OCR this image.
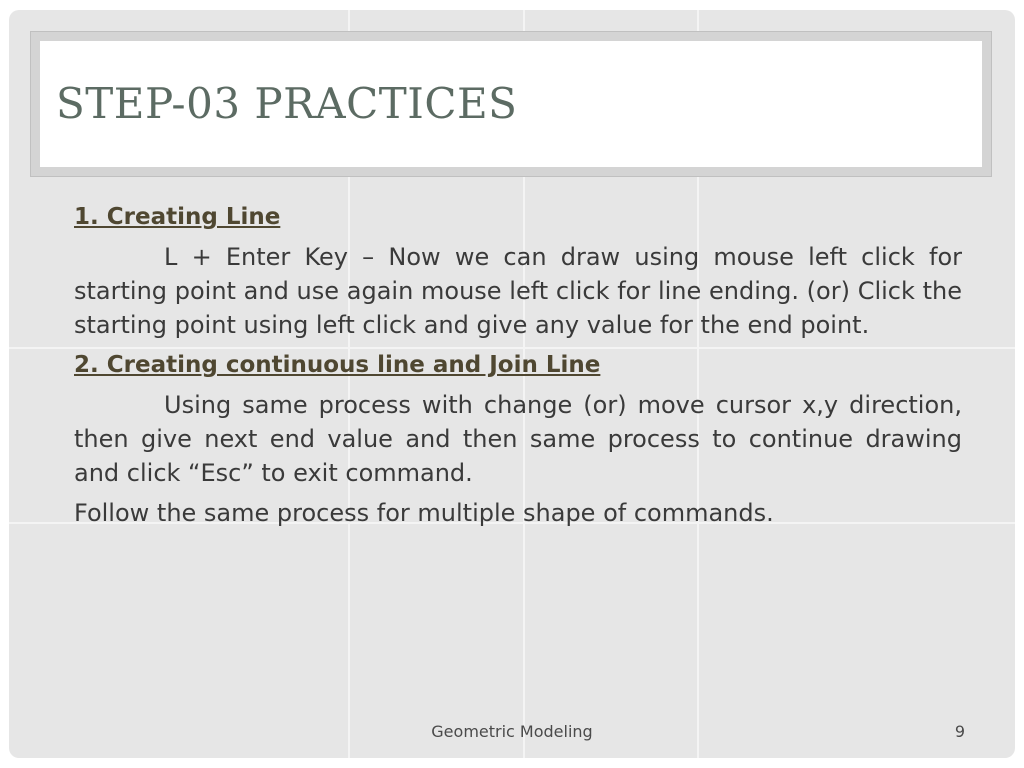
STEP-03 PRACTICES

1. Creating Line

L + Enter Key – Now we can draw using mouse left click for starting point and use again mouse left click for line ending. (or) Click the starting point using left click and give any value for the end point.

2. Creating continuous line and Join Line

Using same process with change (or) move cursor x,y direction, then give next end value and then same process to continue drawing and click “Esc” to exit command.

Follow the same process for multiple shape of commands.

Geometric Modeling	9
